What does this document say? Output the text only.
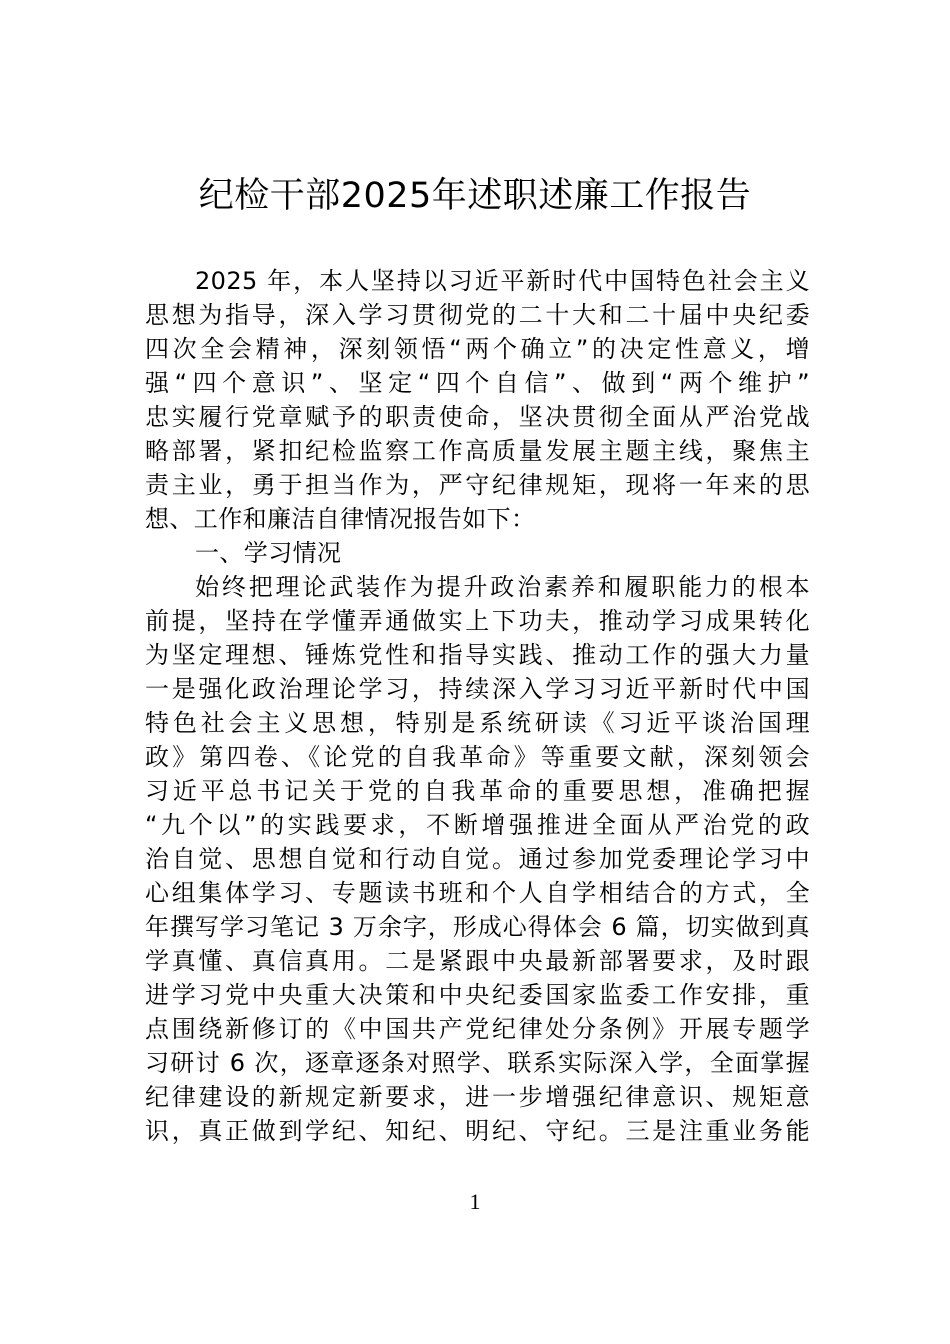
纪检干部2025年述职述廉工作报告
2025 年，本人坚持以习近平新时代中国特色社会主义
思想为指导，深入学习贯彻党的二十大和二十届中央纪委
四次全会精神，深刻领悟“两个确立”的决定性意义，增
强“四个意识”、坚定“四个自信”、做到“两个维护”
忠实履行党章赋予的职责使命，坚决贯彻全面从严治党战
略部署，紧扣纪检监察工作高质量发展主题主线，聚焦主
责主业，勇于担当作为，严守纪律规矩，现将一年来的思
想、工作和廉洁自律情况报告如下：
一、学习情况
始终把理论武装作为提升政治素养和履职能力的根本
前提，坚持在学懂弄通做实上下功夫，推动学习成果转化
为坚定理想、锤炼党性和指导实践、推动工作的强大力量
一是强化政治理论学习，持续深入学习习近平新时代中国
特色社会主义思想，特别是系统研读《习近平谈治国理
政》第四卷、《论党的自我革命》等重要文献，深刻领会
习近平总书记关于党的自我革命的重要思想，准确把握
“九个以”的实践要求，不断增强推进全面从严治党的政
治自觉、思想自觉和行动自觉。通过参加党委理论学习中
心组集体学习、专题读书班和个人自学相结合的方式，全
年撰写学习笔记 3 万余字，形成心得体会 6 篇，切实做到真
学真懂、真信真用。二是紧跟中央最新部署要求，及时跟
进学习党中央重大决策和中央纪委国家监委工作安排，重
点围绕新修订的《中国共产党纪律处分条例》开展专题学
习研讨 6 次，逐章逐条对照学、联系实际深入学，全面掌握
纪律建设的新规定新要求，进一步增强纪律意识、规矩意
识，真正做到学纪、知纪、明纪、守纪。三是注重业务能
1
